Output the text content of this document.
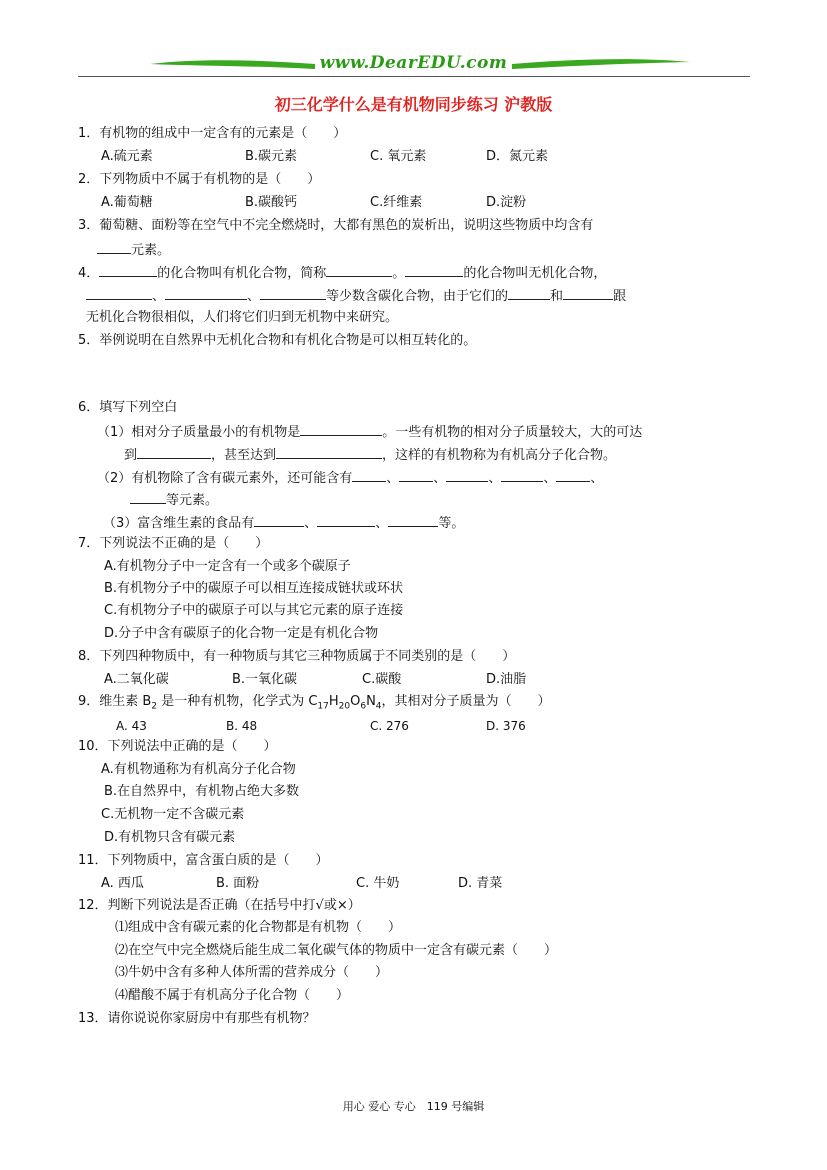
www.DearEDU.com
初三化学什么是有机物同步练习 沪教版
1．有机物的组成中一定含有的元素是（　　）
A.硫元素	B.碳元素	C. 氧元素	D．氮元素
2．下列物质中不属于有机物的是（　　）
A.葡萄糖	B.碳酸钙	C.纤维素	D.淀粉
3．葡萄糖、面粉等在空气中不完全燃烧时，大都有黑色的炭析出，说明这些物质中均含有
元素。
4．	的化合物叫有机化合物，简称	。	的化合物叫无机化合物，
、	、	等少数含碳化合物，由于它们的	和	跟
无机化合物很相似，人们将它们归到无机物中来研究。
5．举例说明在自然界中无机化合物和有机化合物是可以相互转化的。
6．填写下列空白
（1）相对分子质量最小的有机物是	。一些有机物的相对分子质量较大，大的可达
到	，甚至达到	，这样的有机物称为有机高分子化合物。
（2）有机物除了含有碳元素外，还可能含有	、	、	、	、	、
等元素。
（3）富含维生素的食品有	、	、	等。
7．下列说法不正确的是（　　）
A.有机物分子中一定含有一个或多个碳原子
B.有机物分子中的碳原子可以相互连接成链状或环状
C.有机物分子中的碳原子可以与其它元素的原子连接
D.分子中含有碳原子的化合物一定是有机化合物
8．下列四种物质中，有一种物质与其它三种物质属于不同类别的是（　　）
A.二氧化碳	B.一氧化碳	C.碳酸	D.油脂
9．维生素 $B_2$ 是一种有机物，化学式为 $C_{17}H_{20}O_6N_4$，其相对分子质量为（　　）
A. 43	B. 48	C. 276	D. 376
10．下列说法中正确的是（　　）
A.有机物通称为有机高分子化合物
B.在自然界中，有机物占绝大多数
C.无机物一定不含碳元素
D.有机物只含有碳元素
11．下列物质中，富含蛋白质的是（　　）
A. 西瓜	B. 面粉	C. 牛奶	D. 青菜
12．判断下列说法是否正确（在括号中打√或×）
⑴组成中含有碳元素的化合物都是有机物（　　）
⑵在空气中完全燃烧后能生成二氧化碳气体的物质中一定含有碳元素（　　）
⑶牛奶中含有多种人体所需的营养成分（　　）
⑷醋酸不属于有机高分子化合物（　　）
13．请你说说你家厨房中有那些有机物？
用心 爱心 专心　119 号编辑
